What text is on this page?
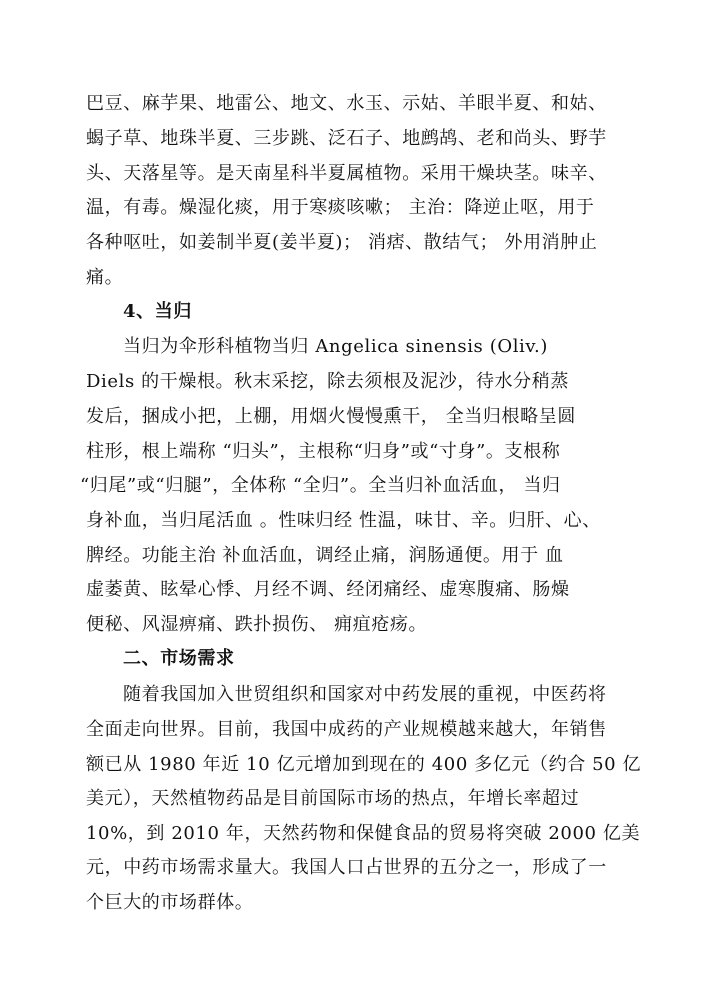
巴豆、麻芋果、地雷公、地文、水玉、示姑、羊眼半夏、和姑、
蝎子草、地珠半夏、三步跳、泛石子、地鹧鸪、老和尚头、野芋
头、天落星等。是天南星科半夏属植物。采用干燥块茎。味辛、
温，有毒。燥湿化痰，用于寒痰咳嗽； 主治：降逆止呕，用于
各种呕吐，如姜制半夏(姜半夏)； 消痞、散结气； 外用消肿止
痛。
4、当归
当归为伞形科植物当归 Angelica sinensis (Oliv.)
Diels 的干燥根。秋末采挖，除去须根及泥沙，待水分稍蒸
发后，捆成小把，上棚，用烟火慢慢熏干， 全当归根略呈圆
柱形，根上端称 “归头”，主根称“归身”或“寸身”。支根称
“归尾”或“归腿”，全体称 “全归”。全当归补血活血， 当归
身补血，当归尾活血 。性味归经 性温，味甘、辛。归肝、心、
脾经。功能主治 补血活血，调经止痛，润肠通便。用于 血
虚萎黄、眩晕心悸、月经不调、经闭痛经、虚寒腹痛、肠燥
便秘、风湿痹痛、跌扑损伤、 痈疽疮疡。
二、市场需求
随着我国加入世贸组织和国家对中药发展的重视，中医药将
全面走向世界。目前，我国中成药的产业规模越来越大，年销售
额已从 1980 年近 10 亿元增加到现在的 400 多亿元（约合 50 亿
美元），天然植物药品是目前国际市场的热点，年增长率超过
10%，到 2010 年，天然药物和保健食品的贸易将突破 2000 亿美
元，中药市场需求量大。我国人口占世界的五分之一，形成了一
个巨大的市场群体。
